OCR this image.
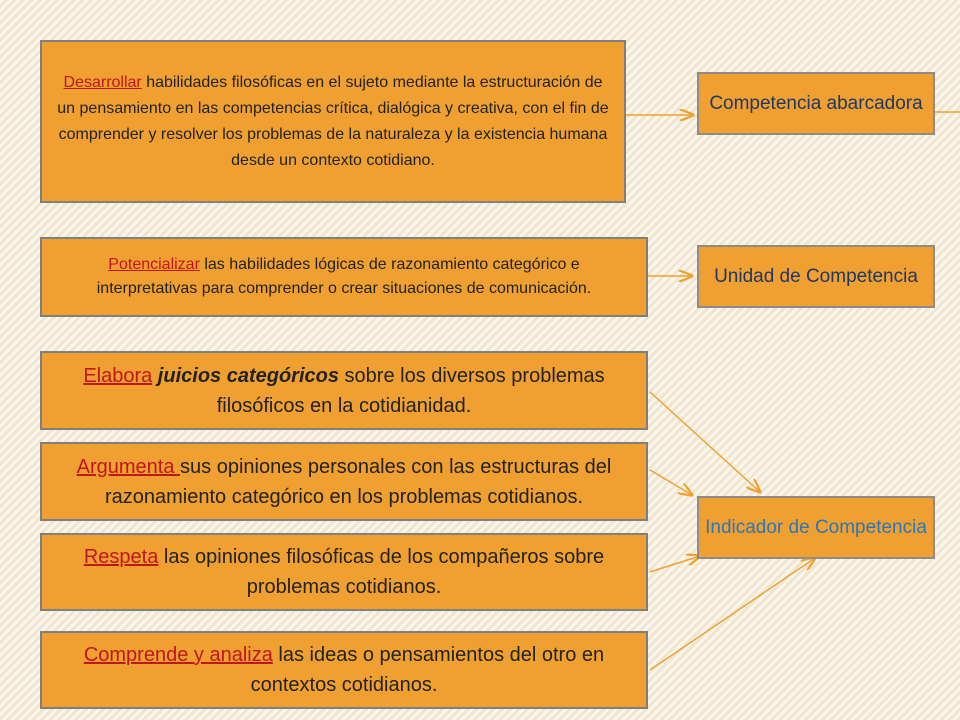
Desarrollar habilidades filosóficas en el sujeto mediante la estructuración de un pensamiento en las competencias crítica, dialógica y creativa, con el fin de comprender y resolver los problemas de la naturaleza y la existencia humana desde un contexto cotidiano.

Potencializar las habilidades lógicas de razonamiento categórico e interpretativas para comprender o crear situaciones de comunicación.

Elabora juicios categóricos sobre los diversos problemas filosóficos en la cotidianidad.

Argumenta sus opiniones personales con las estructuras del razonamiento categórico en los problemas cotidianos.

Respeta las opiniones filosóficas de los compañeros sobre problemas cotidianos.

Comprende y analiza las ideas o pensamientos del otro en contextos cotidianos.

Competencia abarcadora
Unidad de Competencia
Indicador de Competencia
